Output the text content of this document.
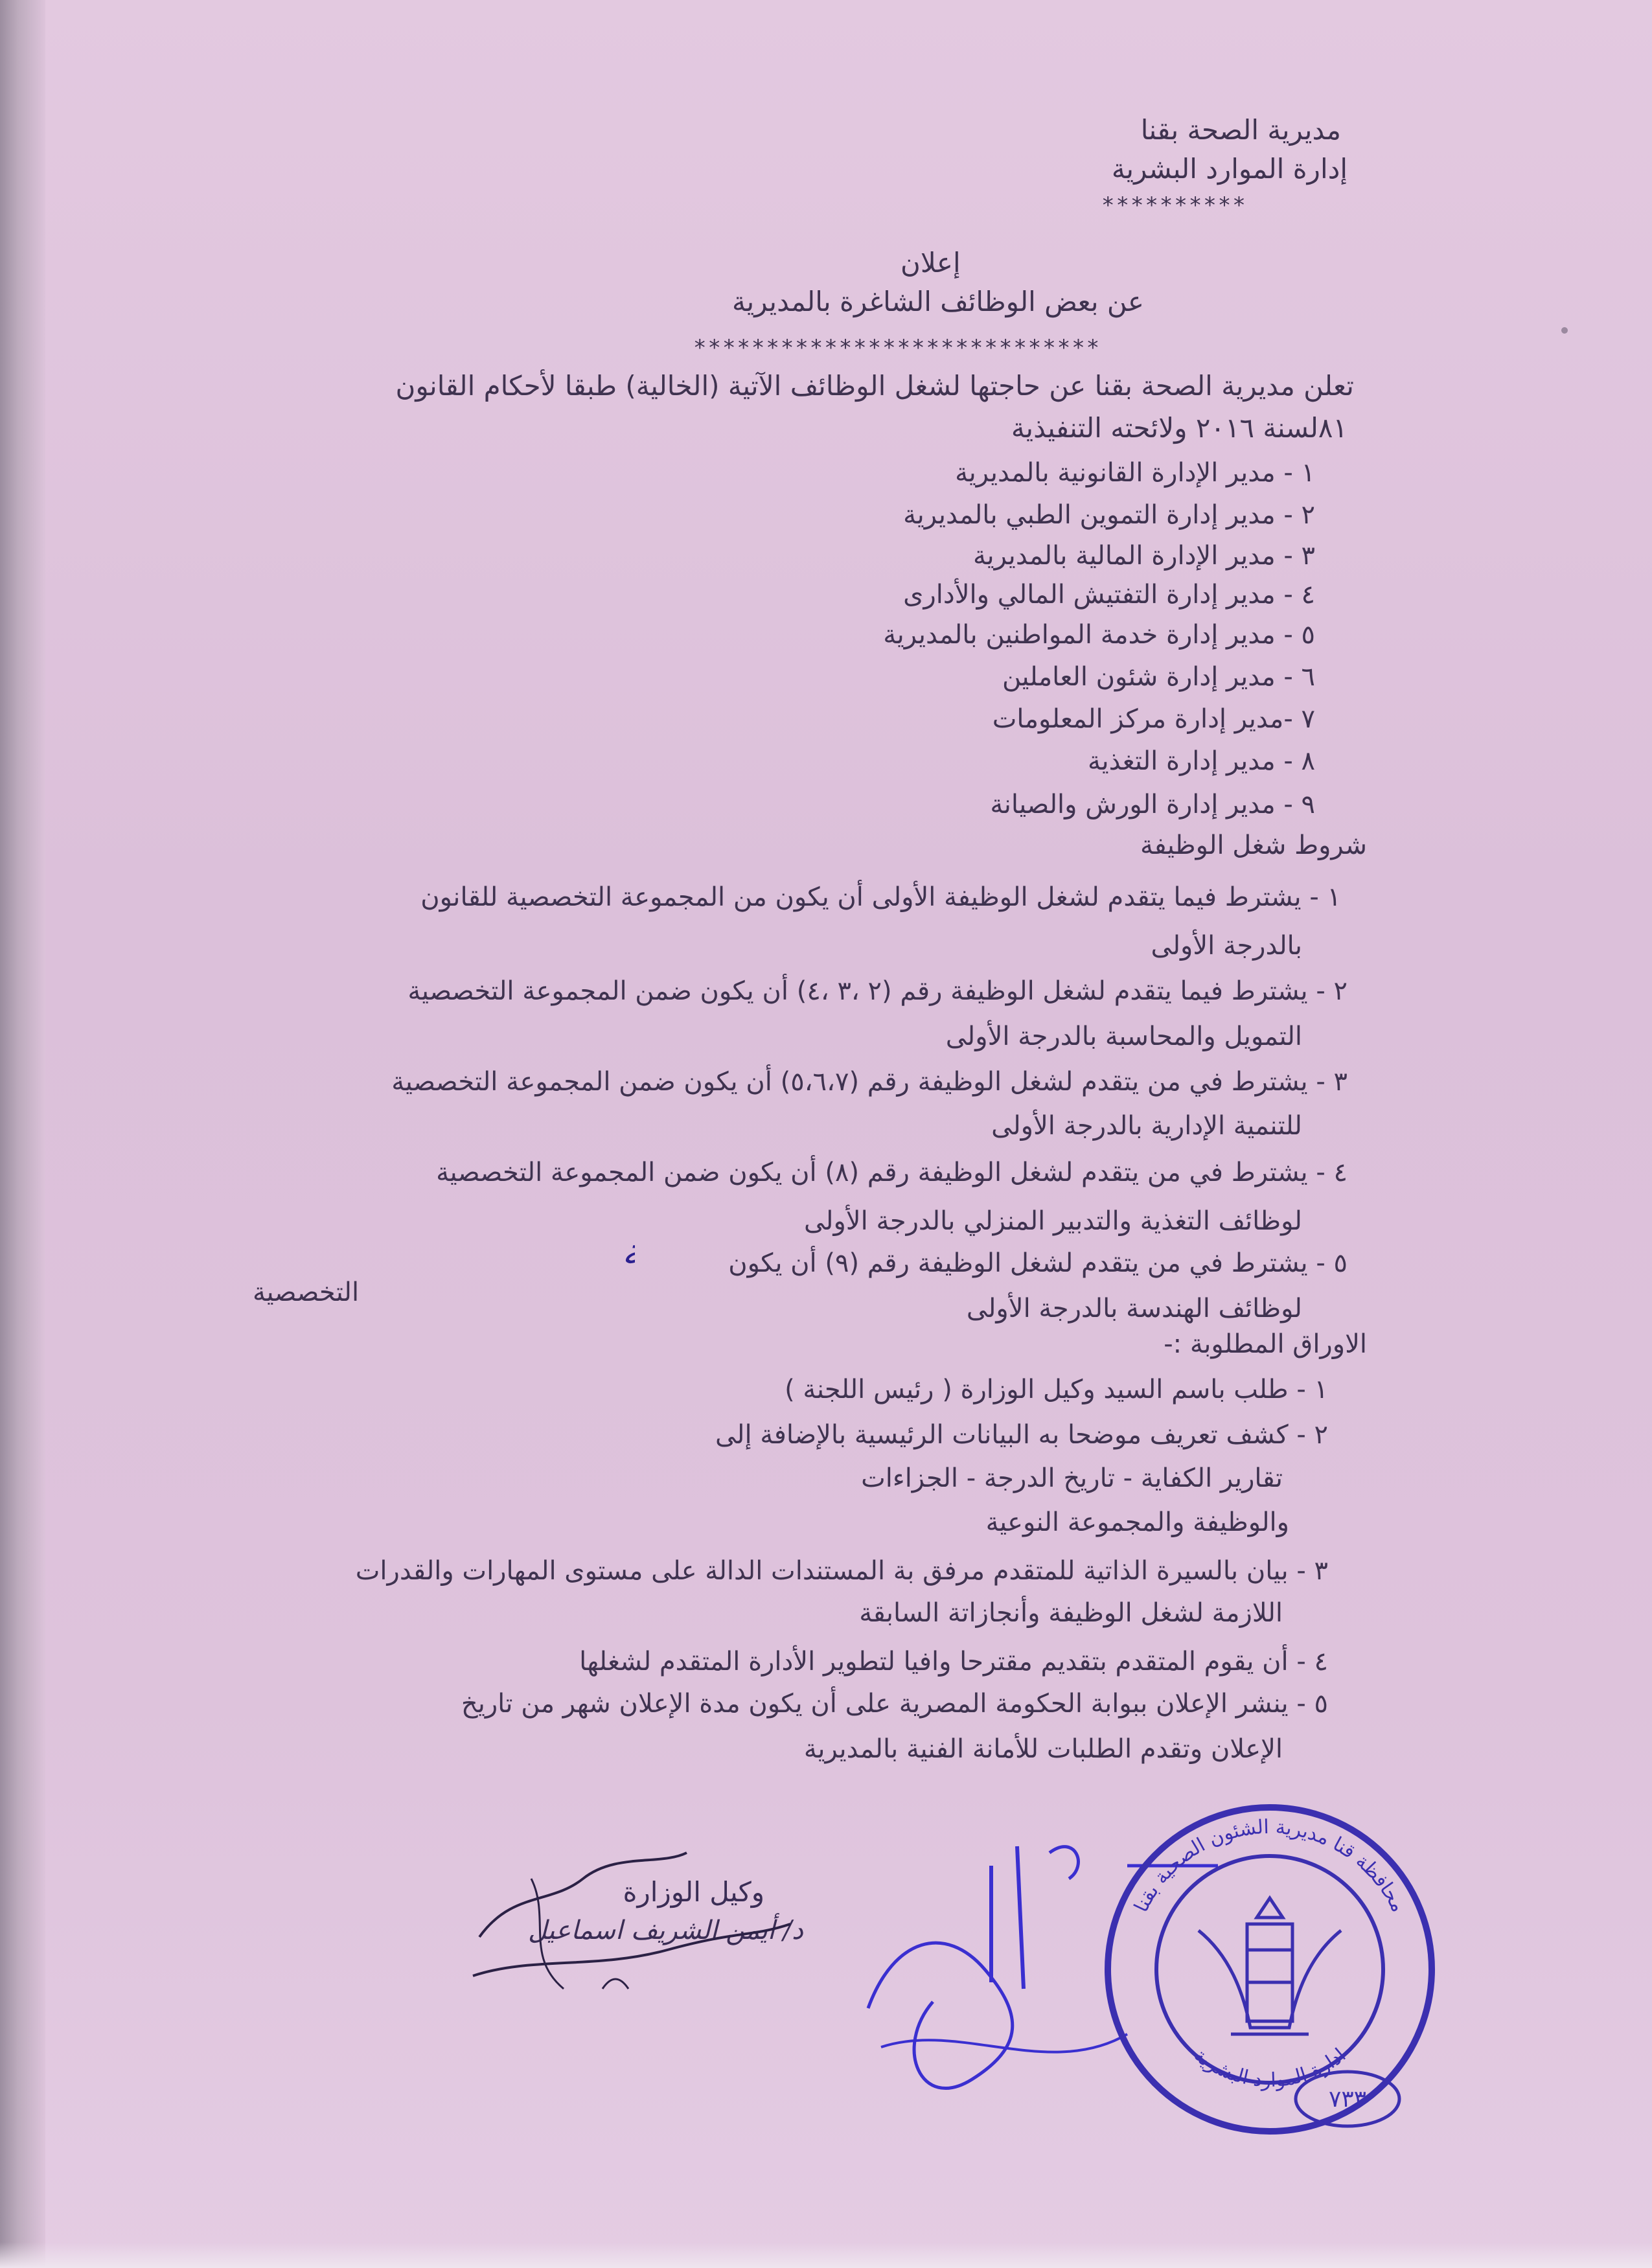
مديرية الصحة بقنا
إدارة الموارد البشرية
**********
إعلان
عن بعض الوظائف الشاغرة بالمديرية
****************************
تعلن مديرية الصحة بقنا عن حاجتها لشغل الوظائف الآتية (الخالية) طبقا لأحكام القانون
٨١لسنة ٢٠١٦ ولائحته التنفيذية
١ - مدير الإدارة القانونية بالمديرية
٢ - مدير إدارة التموين الطبي بالمديرية
٣ - مدير الإدارة المالية بالمديرية
٤ - مدير إدارة التفتيش المالي والأدارى
٥ - مدير إدارة خدمة المواطنين بالمديرية
٦ - مدير إدارة شئون العاملين
٧ -مدير إدارة مركز المعلومات
٨ - مدير إدارة التغذية
٩ - مدير إدارة الورش والصيانة
شروط شغل الوظيفة
١ - يشترط فيما يتقدم لشغل الوظيفة الأولى أن يكون من المجموعة التخصصية للقانون
بالدرجة الأولى
٢ - يشترط فيما يتقدم لشغل الوظيفة رقم (٢ ،٣ ،٤) أن يكون ضمن المجموعة التخصصية
التمويل والمحاسبة بالدرجة الأولى
٣ - يشترط في من يتقدم لشغل الوظيفة رقم (٥،٦،٧) أن يكون ضمن المجموعة التخصصية
للتنمية الإدارية بالدرجة الأولى
٤ - يشترط في من يتقدم لشغل الوظيفة رقم (٨) أن يكون ضمن المجموعة التخصصية
لوظائف التغذية والتدبير المنزلي بالدرجة الأولى
٥ - يشترط في من يتقدم لشغل الوظيفة رقم (٩) أن يكون
التخصصية
لوظائف الهندسة بالدرجة الأولى
الاوراق المطلوبة :-
١ - طلب باسم السيد وكيل الوزارة ( رئيس اللجنة )
٢ - كشف تعريف موضحا به البيانات الرئيسية بالإضافة إلى
تقارير الكفاية - تاريخ الدرجة - الجزاءات
والوظيفة والمجموعة النوعية
٣ - بيان بالسيرة الذاتية للمتقدم مرفق بة المستندات الدالة على مستوى المهارات والقدرات
اللازمة لشغل الوظيفة وأنجازاتة السابقة
٤ - أن يقوم المتقدم بتقديم مقترحا وافيا لتطوير الأدارة المتقدم لشغلها
٥ - ينشر الإعلان ببوابة الحكومة المصرية على أن يكون مدة الإعلان شهر من تاريخ
الإعلان وتقدم الطلبات للأمانة الفنية بالمديرية
وكيل الوزارة
د/ أيمن الشريف اسماعيل
محافظة قنا مديرية الشئون الصحية بقنا
ادارة الموارد البشرية
٧٣٣
